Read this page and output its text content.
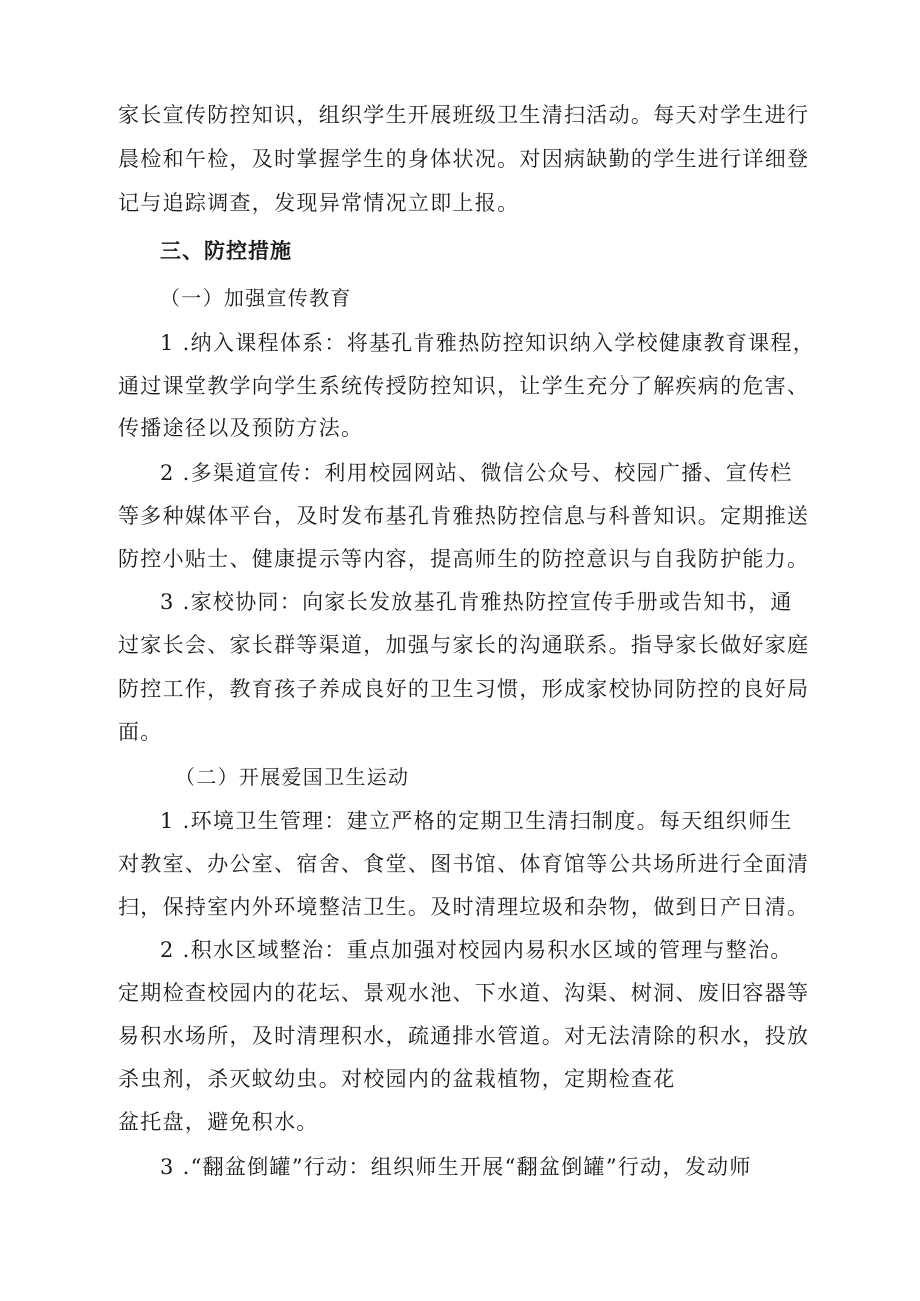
家长宣传防控知识，组织学生开展班级卫生清扫活动。每天对学生进行
晨检和午检，及时掌握学生的身体状况。对因病缺勤的学生进行详细登
记与追踪调查，发现异常情况立即上报。
三、防控措施
（一）加强宣传教育
1 .纳入课程体系：将基孔肯雅热防控知识纳入学校健康教育课程，
通过课堂教学向学生系统传授防控知识，让学生充分了解疾病的危害、
传播途径以及预防方法。
2 .多渠道宣传：利用校园网站、微信公众号、校园广播、宣传栏
等多种媒体平台，及时发布基孔肯雅热防控信息与科普知识。定期推送
防控小贴士、健康提示等内容，提高师生的防控意识与自我防护能力。
3 .家校协同：向家长发放基孔肯雅热防控宣传手册或告知书，通
过家长会、家长群等渠道，加强与家长的沟通联系。指导家长做好家庭
防控工作，教育孩子养成良好的卫生习惯，形成家校协同防控的良好局
面。
（二）开展爱国卫生运动
1 .环境卫生管理：建立严格的定期卫生清扫制度。每天组织师生
对教室、办公室、宿舍、食堂、图书馆、体育馆等公共场所进行全面清
扫，保持室内外环境整洁卫生。及时清理垃圾和杂物，做到日产日清。
2 .积水区域整治：重点加强对校园内易积水区域的管理与整治。
定期检查校园内的花坛、景观水池、下水道、沟渠、树洞、废旧容器等
易积水场所，及时清理积水，疏通排水管道。对无法清除的积水，投放
杀虫剂，杀灭蚊幼虫。对校园内的盆栽植物，定期检查花
盆托盘，避免积水。
3 .“翻盆倒罐”行动：组织师生开展“翻盆倒罐”行动，发动师
